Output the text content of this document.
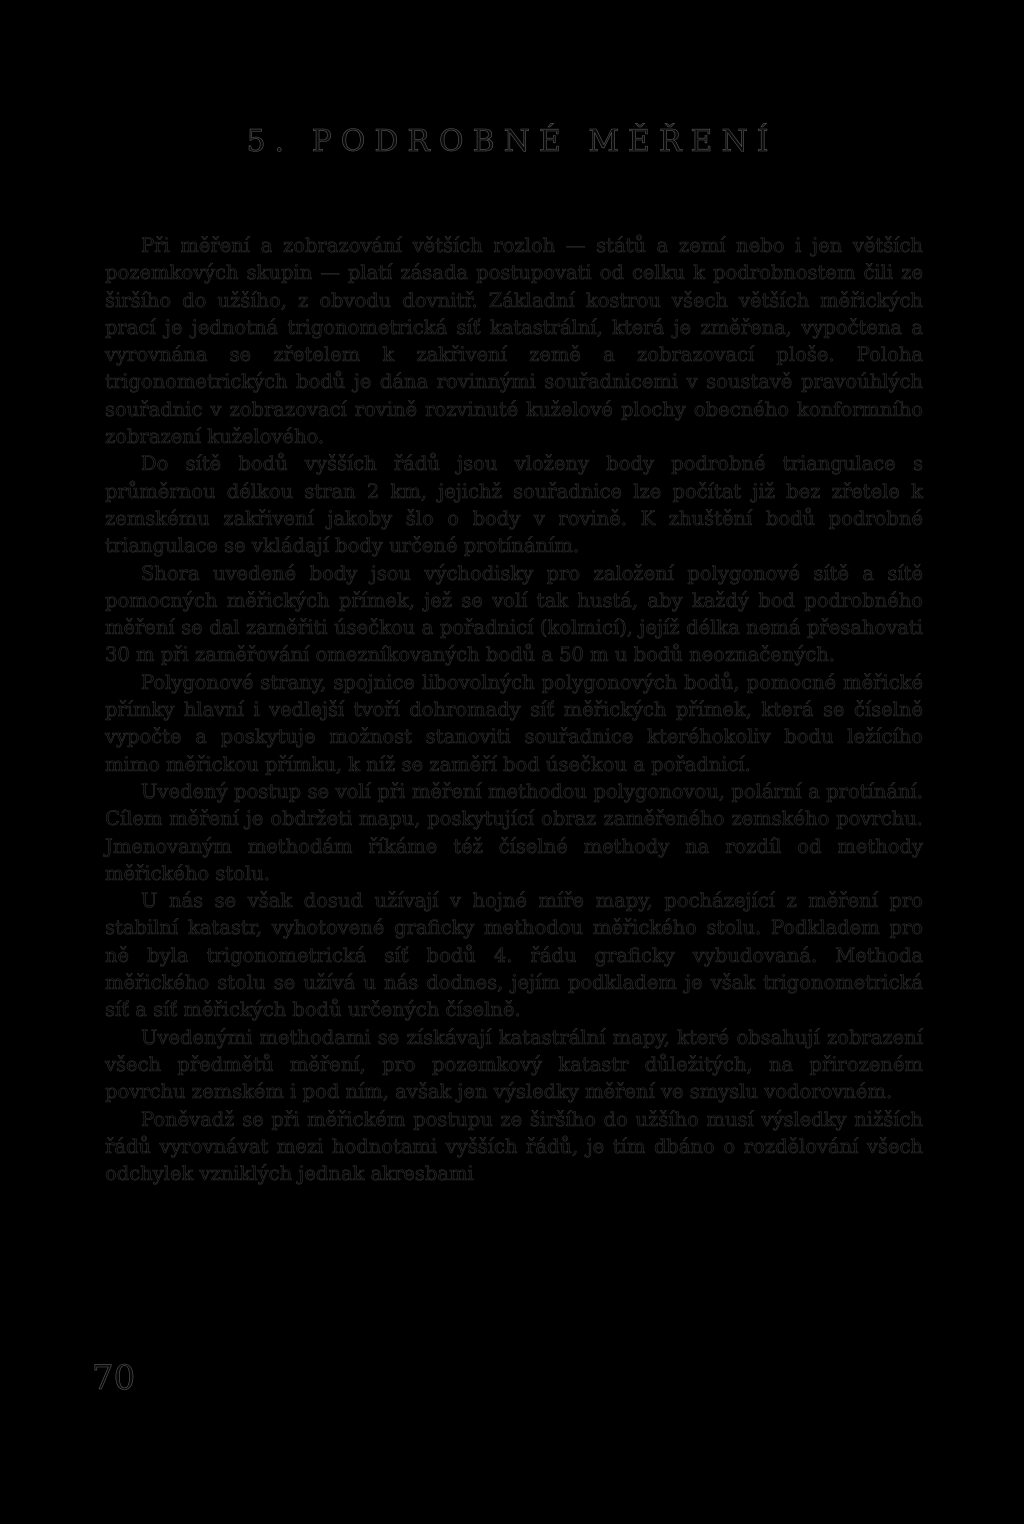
5. PODROBNÉ MĚŘENÍ

Při měření a zobrazování větších rozloh — států a zemí nebo i jen větších pozemkových skupin — platí zásada postupovati od celku k podrobnostem čili ze širšího do užšího, z obvodu dovnitř. Základní kostrou všech větších měřických prací je jednotná trigonometrická síť katastrální, která je změřena, vypočtena a vyrovnána se zřetelem k zakřivení země a zobrazovací ploše. Poloha trigonometrických bodů je dána rovinnými souřadnicemi v soustavě pravoúhlých souřadnic v zobrazovací rovině rozvinuté kuželové plochy obecného konformního zobrazení kuželového.

Do sítě bodů vyšších řádů jsou vloženy body podrobné triangulace s průměrnou délkou stran 2 km, jejichž souřadnice lze počítat již bez zřetele k zemskému zakřivení jakoby šlo o body v rovině. K zhuštění bodů podrobné triangulace se vkládají body určené protínáním.

Shora uvedené body jsou východisky pro založení polygonové sítě a sítě pomocných měřických přímek, jež se volí tak hustá, aby každý bod podrobného měření se dal zaměřiti úsečkou a pořadnicí (kolmicí), jejíž délka nemá přesahovati 30 m při zaměřování omezníkovaných bodů a 50 m u bodů neoznačených.

Polygonové strany, spojnice libovolných polygonových bodů, pomocné měřické přímky hlavní i vedlejší tvoří dohromady síť měřických přímek, která se číselně vypočte a poskytuje možnost stanoviti souřadnice kteréhokoliv bodu ležícího mimo měřickou přímku, k níž se zaměří bod úsečkou a pořadnicí.

Uvedený postup se volí při měření methodou polygonovou, polární a protínání. Cílem měření je obdržeti mapu, poskytující obraz zaměřeného zemského povrchu. Jmenovaným methodám říkáme též číselné methody na rozdíl od methody měřického stolu.

U nás se však dosud užívají v hojné míře mapy, pocházející z měření pro stabilní katastr, vyhotovené graficky methodou měřického stolu. Podkladem pro ně byla trigonometrická síť bodů 4. řádu graficky vybudovaná. Methoda měřického stolu se užívá u nás dodnes, jejím podkladem je však trigonometrická síť a síť měřických bodů určených číselně.

Uvedenými methodami se získávají katastrální mapy, které obsahují zobrazení všech předmětů měření, pro pozemkový katastr důležitých, na přirozeném povrchu zemském i pod ním, avšak jen výsledky měření ve smyslu vodorovném.

Poněvadž se při měřickém postupu ze širšího do užšího musí výsledky nižších řádů vyrovnávat mezi hodnotami vyšších řádů, je tím dbáno o rozdělování všech odchylek vzniklých jednak akresbami

70
